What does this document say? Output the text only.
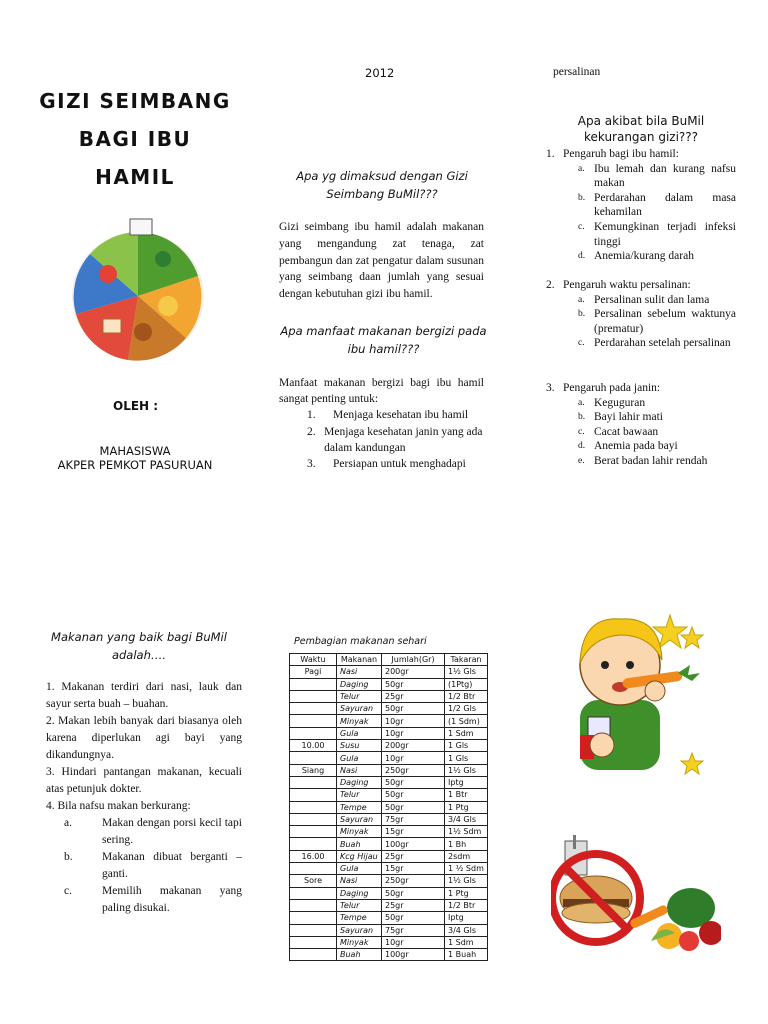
GIZI SEIMBANG
BAGI IBU
HAMIL
OLEH :
MAHASISWA
AKPER PEMKOT PASURUAN
2012
Apa yg dimaksud dengan Gizi Seimbang BuMil???
Gizi seimbang ibu hamil adalah makanan yang mengandung zat tenaga, zat pembangun dan zat pengatur dalam susunan yang seimbang daan jumlah yang sesuai dengan kebutuhan gizi ibu hamil.
Apa manfaat makanan bergizi pada ibu hamil???
Manfaat makanan bergizi bagi ibu hamil sangat penting untuk:
1.	Menjaga kesehatan ibu hamil
2. Menjaga kesehatan janin yang ada dalam kandungan
3.	Persiapan untuk menghadapi
persalinan
Apa akibat bila BuMil kekurangan gizi???
1. Pengaruh bagi ibu hamil:
a. Ibu lemah dan kurang nafsu makan
b. Perdarahan dalam masa kehamilan
c. Kemungkinan terjadi infeksi tinggi
d. Anemia/kurang darah
2. Pengaruh waktu persalinan:
a. Persalinan sulit dan lama
b. Persalinan sebelum waktunya (prematur)
c. Perdarahan setelah persalinan
3. Pengaruh pada janin:
a. Keguguran
b. Bayi lahir mati
c. Cacat bawaan
d. Anemia pada bayi
e. Berat badan lahir rendah
Makanan yang baik bagi BuMil adalah….
1. Makanan terdiri dari nasi, lauk dan sayur serta buah – buahan.
2. Makan lebih banyak dari biasanya oleh karena diperlukan agi bayi yang dikandungnya.
3. Hindari pantangan makanan, kecuali atas petunjuk dokter.
4. Bila nafsu makan berkurang:
a.	Makan dengan porsi kecil tapi sering.
b.	Makanan dibuat berganti – ganti.
c.	Memilih makanan yang paling disukai.
Pembagian makanan sehari
Waktu	Makanan	Jumlah(Gr)	Takaran
Pagi	Nasi	200gr	1½ Gls
	Daging	50gr	(1Ptg)
	Telur	25gr	1/2 Btr
	Sayuran	50gr	1/2 Gls
	Minyak	10gr	(1 Sdm)
	Gula	10gr	1 Sdm
10.00	Susu	200gr	1 Gls
	Gula	10gr	1 Gls
Siang	Nasi	250gr	1½ Gls
	Daging	50gr	Iptg
	Telur	50gr	1 Btr
	Tempe	50gr	1 Ptg
	Sayuran	75gr	3/4 Gls
	Minyak	15gr	1½ Sdm
	Buah	100gr	1 Bh
16.00	Kcg Hijau	25gr	2sdm
	Gula	15gr	1 ½ Sdm
Sore	Nasi	250gr	1½ Gls
	Daging	50gr	1 Ptg
	Telur	25gr	1/2 Btr
	Tempe	50gr	Iptg
	Sayuran	75gr	3/4 Gls
	Minyak	10gr	1 Sdm
	Buah	100gr	1 Buah
